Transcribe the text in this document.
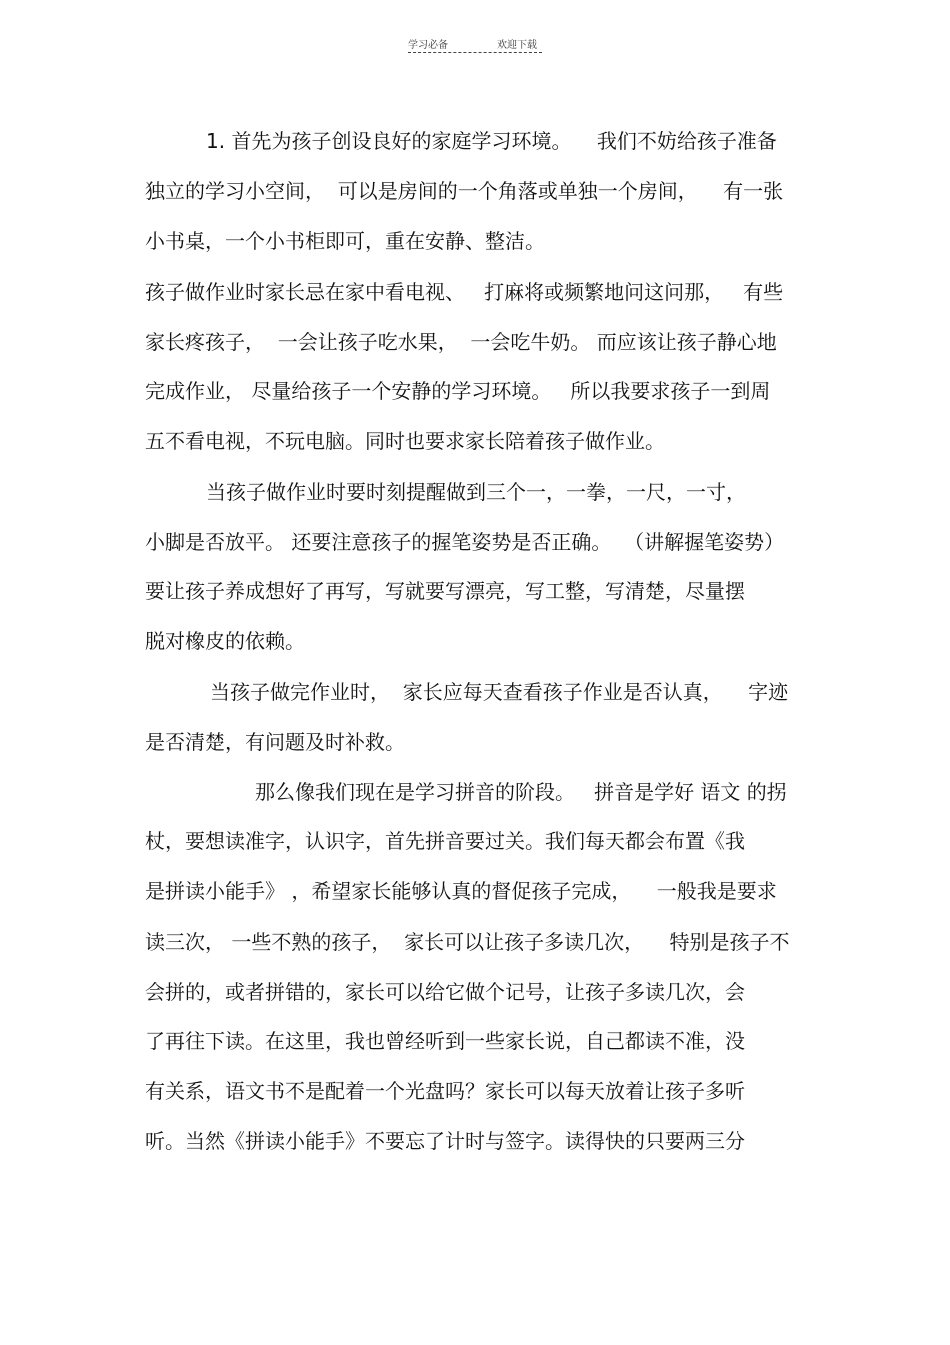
学习必备	欢迎下载
1. 首先为孩子创设良好的家庭学习环境。    我们不妨给孩子准备
独立的学习小空间，  可以是房间的一个角落或单独一个房间，    有一张
小书桌，一个小书柜即可，重在安静、整洁。
孩子做作业时家长忌在家中看电视、   打麻将或频繁地问这问那，   有些
家长疼孩子，  一会让孩子吃水果，  一会吃牛奶。 而应该让孩子静心地
完成作业， 尽量给孩子一个安静的学习环境。   所以我要求孩子一到周
五不看电视，不玩电脑。同时也要求家长陪着孩子做作业。
当孩子做作业时要时刻提醒做到三个一，一拳，一尺，一寸，
小脚是否放平。 还要注意孩子的握笔姿势是否正确。  （讲解握笔姿势）
要让孩子养成想好了再写，写就要写漂亮，写工整，写清楚，尽量摆
脱对橡皮的依赖。
当孩子做完作业时，  家长应每天查看孩子作业是否认真，    字迹
是否清楚，有问题及时补救。
那么像我们现在是学习拼音的阶段。   拼音是学好 语文 的拐
杖，要想读准字，认识字，首先拼音要过关。我们每天都会布置《我
是拼读小能手》 ，希望家长能够认真的督促孩子完成，    一般我是要求
读三次， 一些不熟的孩子，  家长可以让孩子多读几次，    特别是孩子不
会拼的，或者拼错的，家长可以给它做个记号，让孩子多读几次，会
了再往下读。在这里，我也曾经听到一些家长说，自己都读不准，没
有关系，语文书不是配着一个光盘吗？家长可以每天放着让孩子多听
听。当然《拼读小能手》不要忘了计时与签字。读得快的只要两三分
